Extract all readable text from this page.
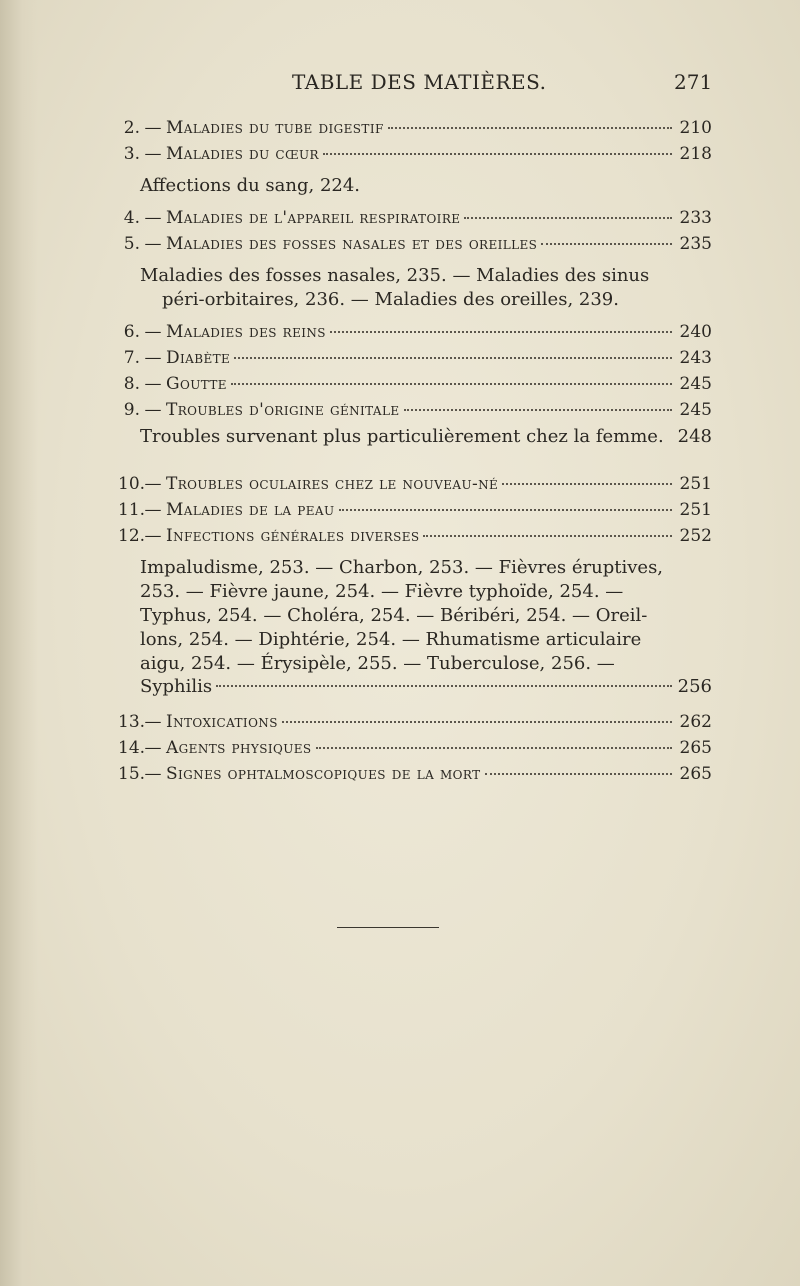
TABLE DES MATIÈRES.	271
2. — Maladies du tube digestif	210
3. — Maladies du cœur	218
Affections du sang, 224.
4. — Maladies de l'appareil respiratoire	233
5. — Maladies des fosses nasales et des oreilles	235
Maladies des fosses nasales, 235. — Maladies des sinus
péri-orbitaires, 236. — Maladies des oreilles, 239.
6. — Maladies des reins	240
7. — Diabète	243
8. — Goutte	245
9. — Troubles d'origine génitale	245
Troubles survenant plus particulièrement chez la femme. 248
10. — Troubles oculaires chez le nouveau-né	251
11. — Maladies de la peau	251
12. — Infections générales diverses	252
Impaludisme, 253. — Charbon, 253. — Fièvres éruptives,
253. — Fièvre jaune, 254. — Fièvre typhoïde, 254. —
Typhus, 254. — Choléra, 254. — Béribéri, 254. — Oreil-
lons, 254. — Diphtérie, 254. — Rhumatisme articulaire
aigu, 254. — Érysipèle, 255. — Tuberculose, 256. —
Syphilis	256
13. — Intoxications	262
14. — Agents physiques	265
15. — Signes ophtalmoscopiques de la mort	265
